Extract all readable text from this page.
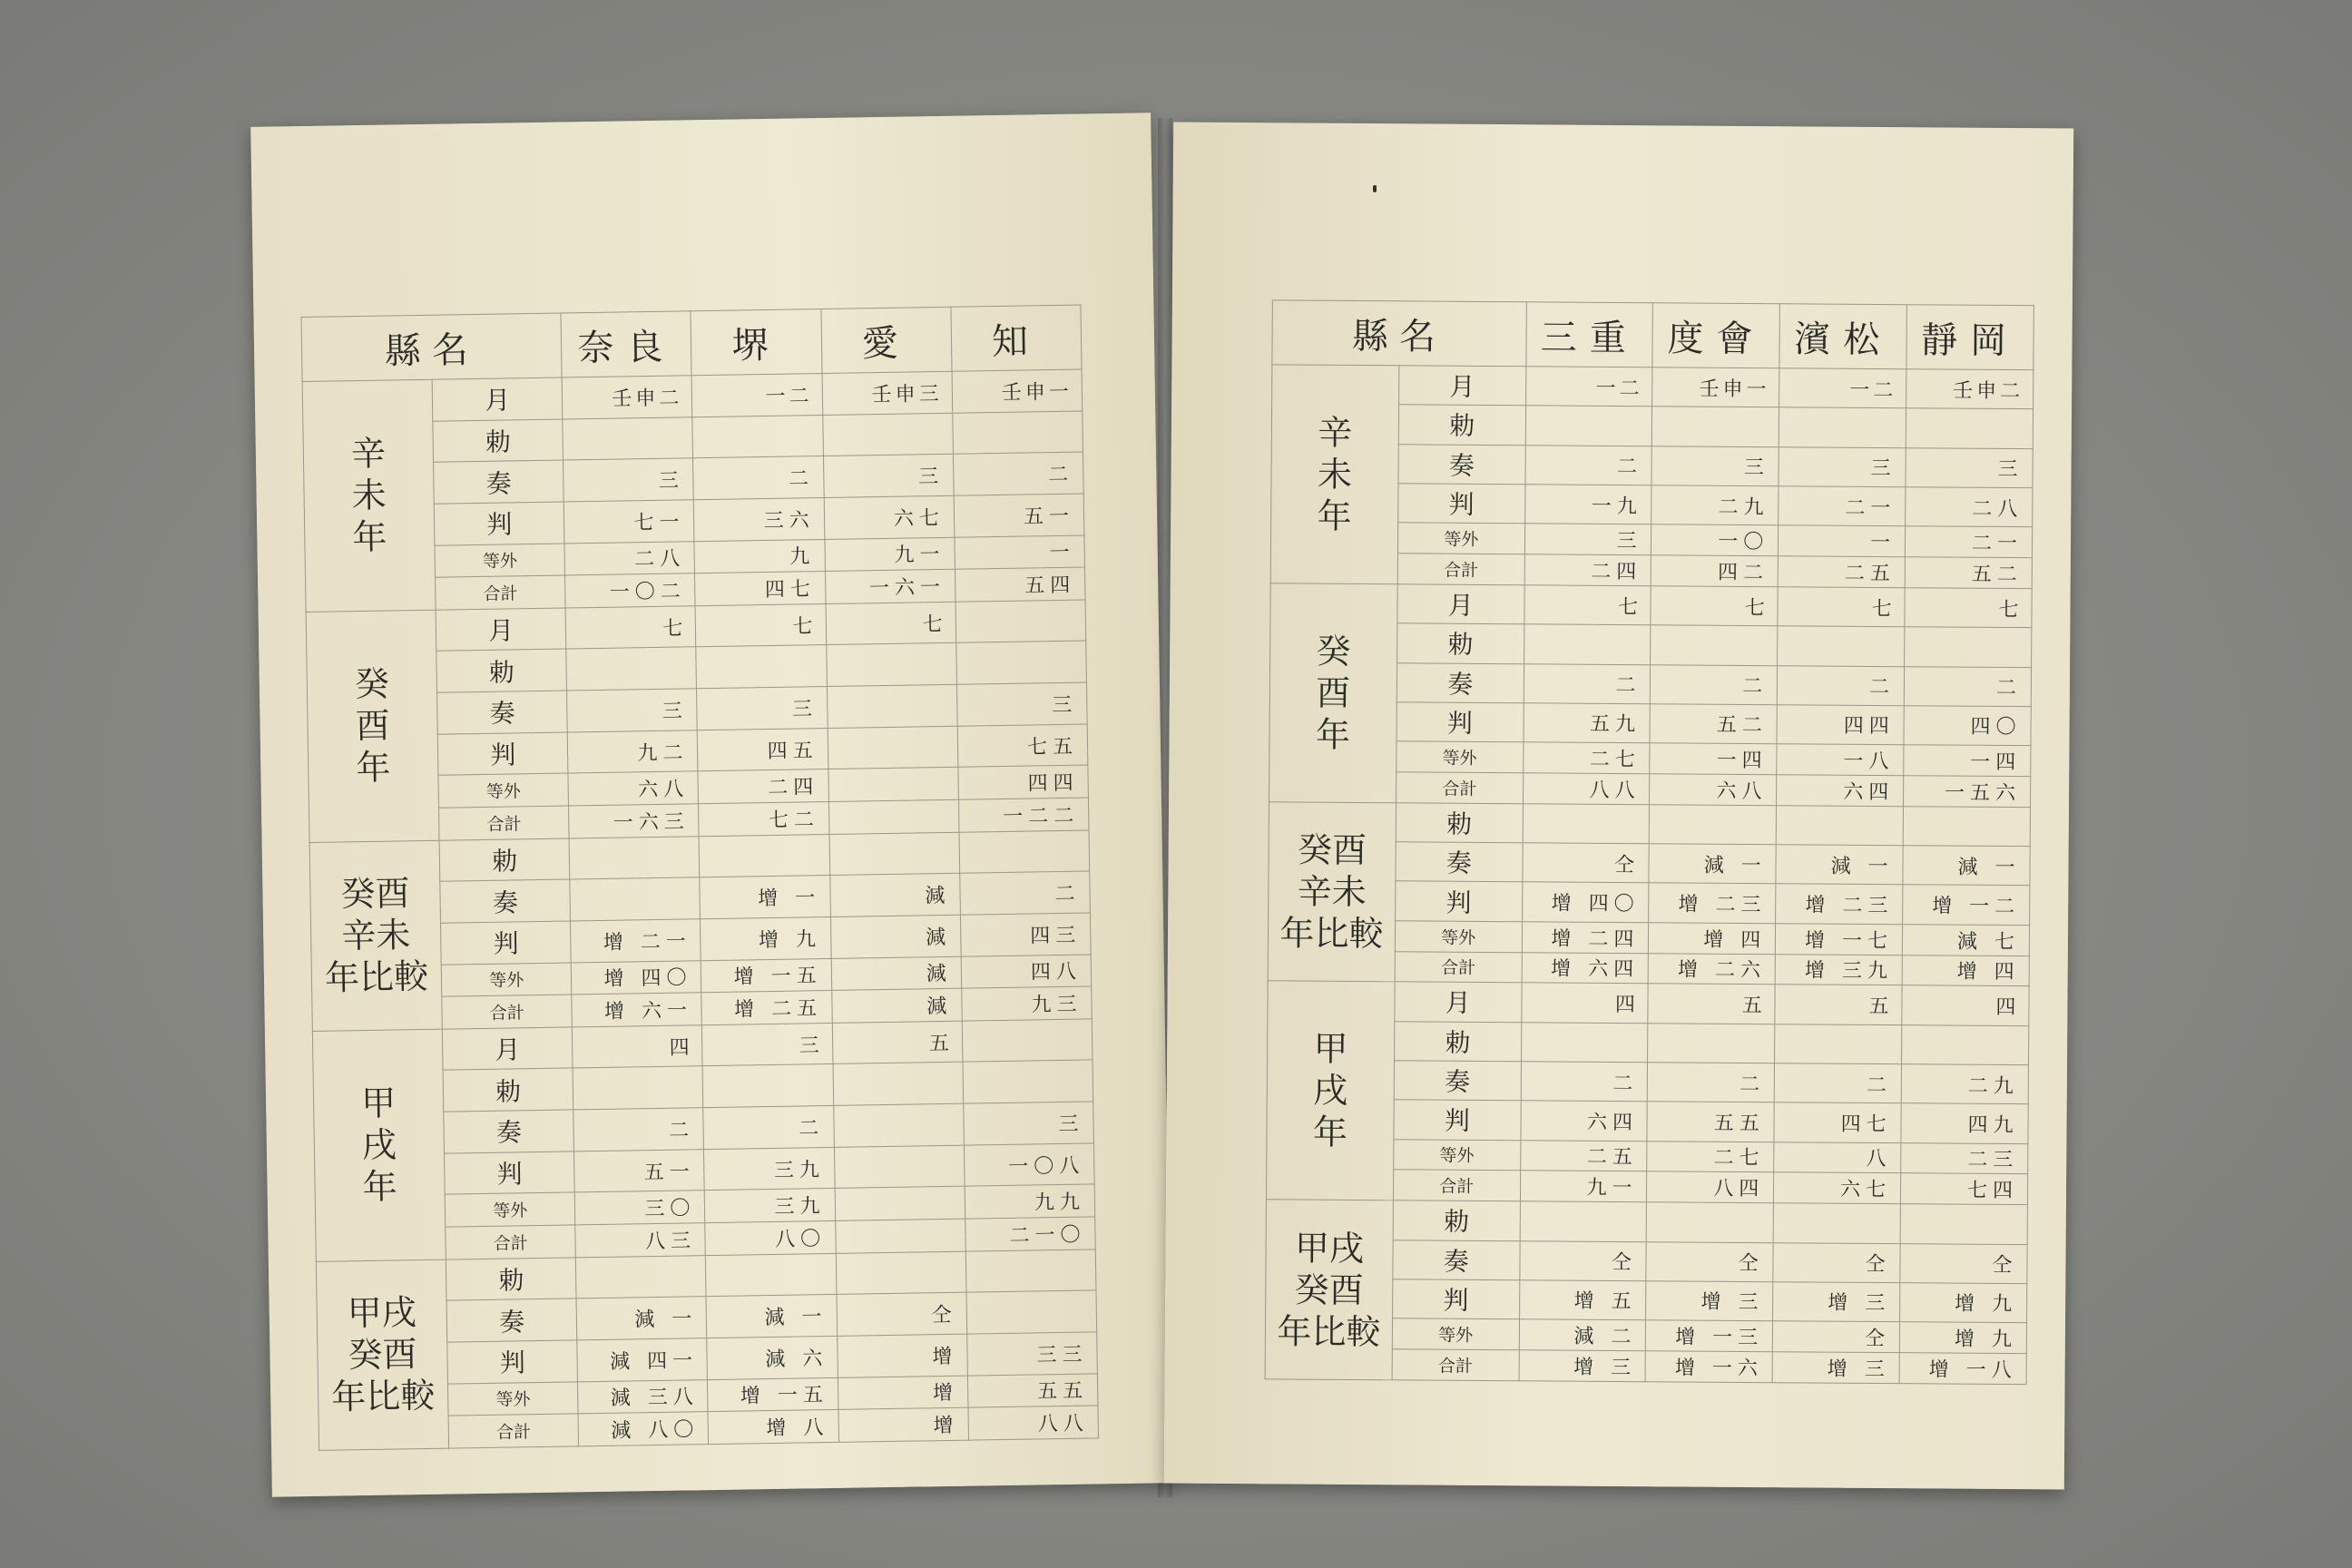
縣名		奈良	堺	愛	知

辛
未
年	月	壬申二	一二	壬申三	壬申一
	勅				
	奏	三	二	三	二
	判	七一	三六	六七	五一
	等外	二八	九	九一	一
	合計	一〇二	四七	一六一	五四

癸
酉
年	月	七	七	七	
	勅				
	奏	三	三		三
	判	九二	四五		七五
	等外	六八	二四		四四
	合計	一六三	七二		一二二

癸酉
辛未
年比較	勅				
	奏		增 一	減	二
	判	增 二一	增 九	減	四三
	等外	增 四〇	增 一五	減	四八
	合計	增 六一	增 二五	減	九三

甲
戌
年	月	四	三	五	
	勅				
	奏	二	二		三
	判	五一	三九		一〇八
	等外	三〇	三九		九九
	合計	八三	八〇		二一〇

甲戌
癸酉
年比較	勅				
	奏	減 一	減 一	仝	
	判	減 四一	減 六	增	三三
	等外	減 三八	增 一五	增	五五
	合計	減 八〇	增 八	增	八八
縣名		三重	度會	濱松	靜岡

辛
未
年	月	一二	壬申一	一二	壬申二
	勅				
	奏	二	三	三	三
	判	一九	二九	二一	二八
	等外	三	一〇	一	二一
	合計	二四	四二	二五	五二

癸
酉
年	月	七	七	七	七
	勅				
	奏	二	二	二	二
	判	五九	五二	四四	四〇
	等外	二七	一四	一八	一四
	合計	八八	六八	六四	一五六

癸酉
辛未
年比較	勅				
	奏	仝	減 一	減 一	減 一
	判	增 四〇	增 二三	增 二三	增 一二
	等外	增 二四	增 四	增 一七	減 七
	合計	增 六四	增 二六	增 三九	增 四

甲
戌
年	月	四	五	五	四
	勅				
	奏	二	二	二	二九
	判	六四	五五	四七	四九
	等外	二五	二七	八	二三
	合計	九一	八四	六七	七四

甲戌
癸酉
年比較	勅				
	奏	仝	仝	仝	仝
	判	增 五	增 三	增 三	增 九
	等外	減 二	增 一三	仝	增 九
	合計	增 三	增 一六	增 三	增 一八
